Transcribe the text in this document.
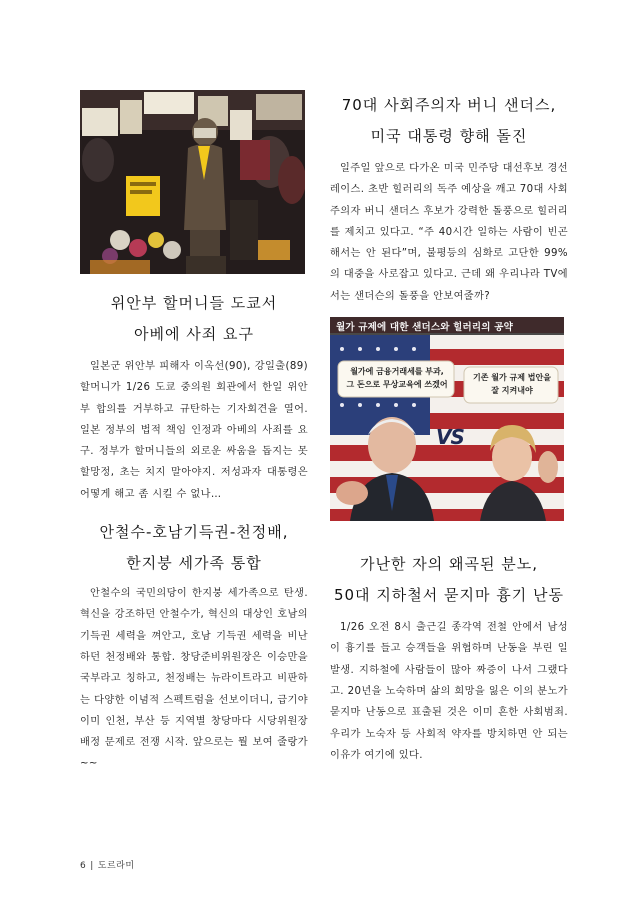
위안부 할머니들 도쿄서
아베에 사죄 요구

일본군 위안부 피해자 이옥선(90), 강일출(89) 할머니가 1/26 도쿄 중의원 회관에서 한일 위안부 합의를 거부하고 규탄하는 기자회견을 열어. 일본 정부의 법적 책임 인정과 아베의 사죄를 요구. 정부가 할머니들의 외로운 싸움을 돕지는 못할망정, 초는 치지 말아야지. 저성과자 대통령은 어떻게 해고 좀 시킬 수 없나…

안철수-호남기득권-천정배,
한지붕 세가족 통합

안철수의 국민의당이 한지붕 세가족으로 탄생. 혁신을 강조하던 안철수가, 혁신의 대상인 호남의 기득권 세력을 껴안고, 호남 기득권 세력을 비난하던 천정배와 통합. 창당준비위원장은 이승만을 국부라고 칭하고, 천정배는 뉴라이트라고 비판하는 다양한 이념적 스펙트럼을 선보이더니, 급기야 이미 인천, 부산 등 지역별 창당마다 시당위원장 배정 문제로 전쟁 시작. 앞으로는 뭘 보여 줄랑가~~

70대 사회주의자 버니 샌더스,
미국 대통령 향해 돌진

일주일 앞으로 다가온 미국 민주당 대선후보 경선 레이스. 초반 힐러리의 독주 예상을 깨고 70대 사회주의자 버니 샌더스 후보가 강력한 돌풍으로 힐러리를 제치고 있다고. “주 40시간 일하는 사람이 빈곤해서는 안 된다”며, 불평등의 심화로 고단한 99%의 대중을 사로잡고 있다고. 근데 왜 우리나라 TV에서는 샌더슨의 돌풍을 안보여줄까?

월가 규제에 대한 샌더스와 힐러리의 공약
월가에 금융거래세를 부과,
그 돈으로 무상교육에 쓰겠어
기존 월가 규제 법안을
잘 지켜내야
VS
가난한 자의 왜곡된 분노,
50대 지하철서 묻지마 흉기 난동

1/26 오전 8시 출근길 종각역 전철 안에서 남성이 흉기를 들고 승객들을 위협하며 난동을 부린 일 발생. 지하철에 사람들이 많아 짜증이 나서 그랬다고. 20년을 노숙하며 삶의 희망을 잃은 이의 분노가 묻지마 난동으로 표출된 것은 이미 흔한 사회범죄. 우리가 노숙자 등 사회적 약자를 방치하면 안 되는 이유가 여기에 있다.

6 | 도르라미
